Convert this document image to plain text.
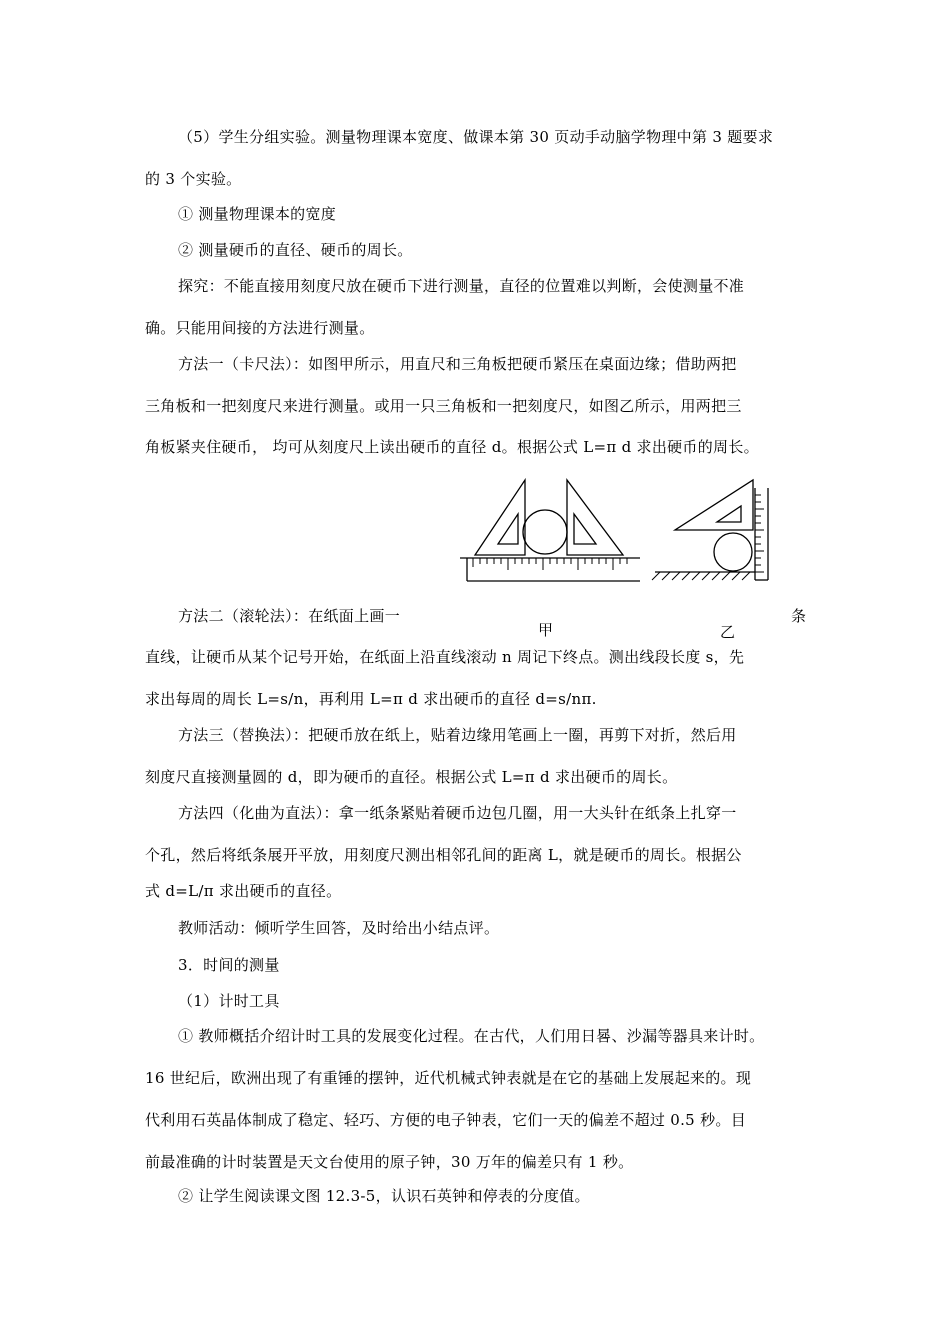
（5）学生分组实验。测量物理课本宽度、做课本第 30 页动手动脑学物理中第 3 题要求
的 3 个实验。
① 测量物理课本的宽度
② 测量硬币的直径、硬币的周长。
探究：不能直接用刻度尺放在硬币下进行测量，直径的位置难以判断，会使测量不准
确。只能用间接的方法进行测量。
方法一（卡尺法）：如图甲所示，用直尺和三角板把硬币紧压在桌面边缘；借助两把
三角板和一把刻度尺来进行测量。或用一只三角板和一把刻度尺，如图乙所示，用两把三
角板紧夹住硬币， 均可从刻度尺上读出硬币的直径 d。根据公式 L=π d 求出硬币的周长。
方法二（滚轮法）：在纸面上画一	条
甲	乙
直线，让硬币从某个记号开始，在纸面上沿直线滚动 n 周记下终点。测出线段长度 s，先
求出每周的周长 L=s/n，再利用 L=π d 求出硬币的直径 d=s/nπ.
方法三（替换法）：把硬币放在纸上，贴着边缘用笔画上一圈，再剪下对折，然后用
刻度尺直接测量圆的 d，即为硬币的直径。根据公式 L=π d 求出硬币的周长。
方法四（化曲为直法）：拿一纸条紧贴着硬币边包几圈，用一大头针在纸条上扎穿一
个孔，然后将纸条展开平放，用刻度尺测出相邻孔间的距离 L，就是硬币的周长。根据公
式 d=L/π 求出硬币的直径。
教师活动：倾听学生回答，及时给出小结点评。
3．时间的测量
（1）计时工具
① 教师概括介绍计时工具的发展变化过程。在古代，人们用日晷、沙漏等器具来计时。
16 世纪后，欧洲出现了有重锤的摆钟，近代机械式钟表就是在它的基础上发展起来的。现
代利用石英晶体制成了稳定、轻巧、方便的电子钟表，它们一天的偏差不超过 0.5 秒。目
前最准确的计时装置是天文台使用的原子钟，30 万年的偏差只有 1 秒。
② 让学生阅读课文图 12.3-5，认识石英钟和停表的分度值。
